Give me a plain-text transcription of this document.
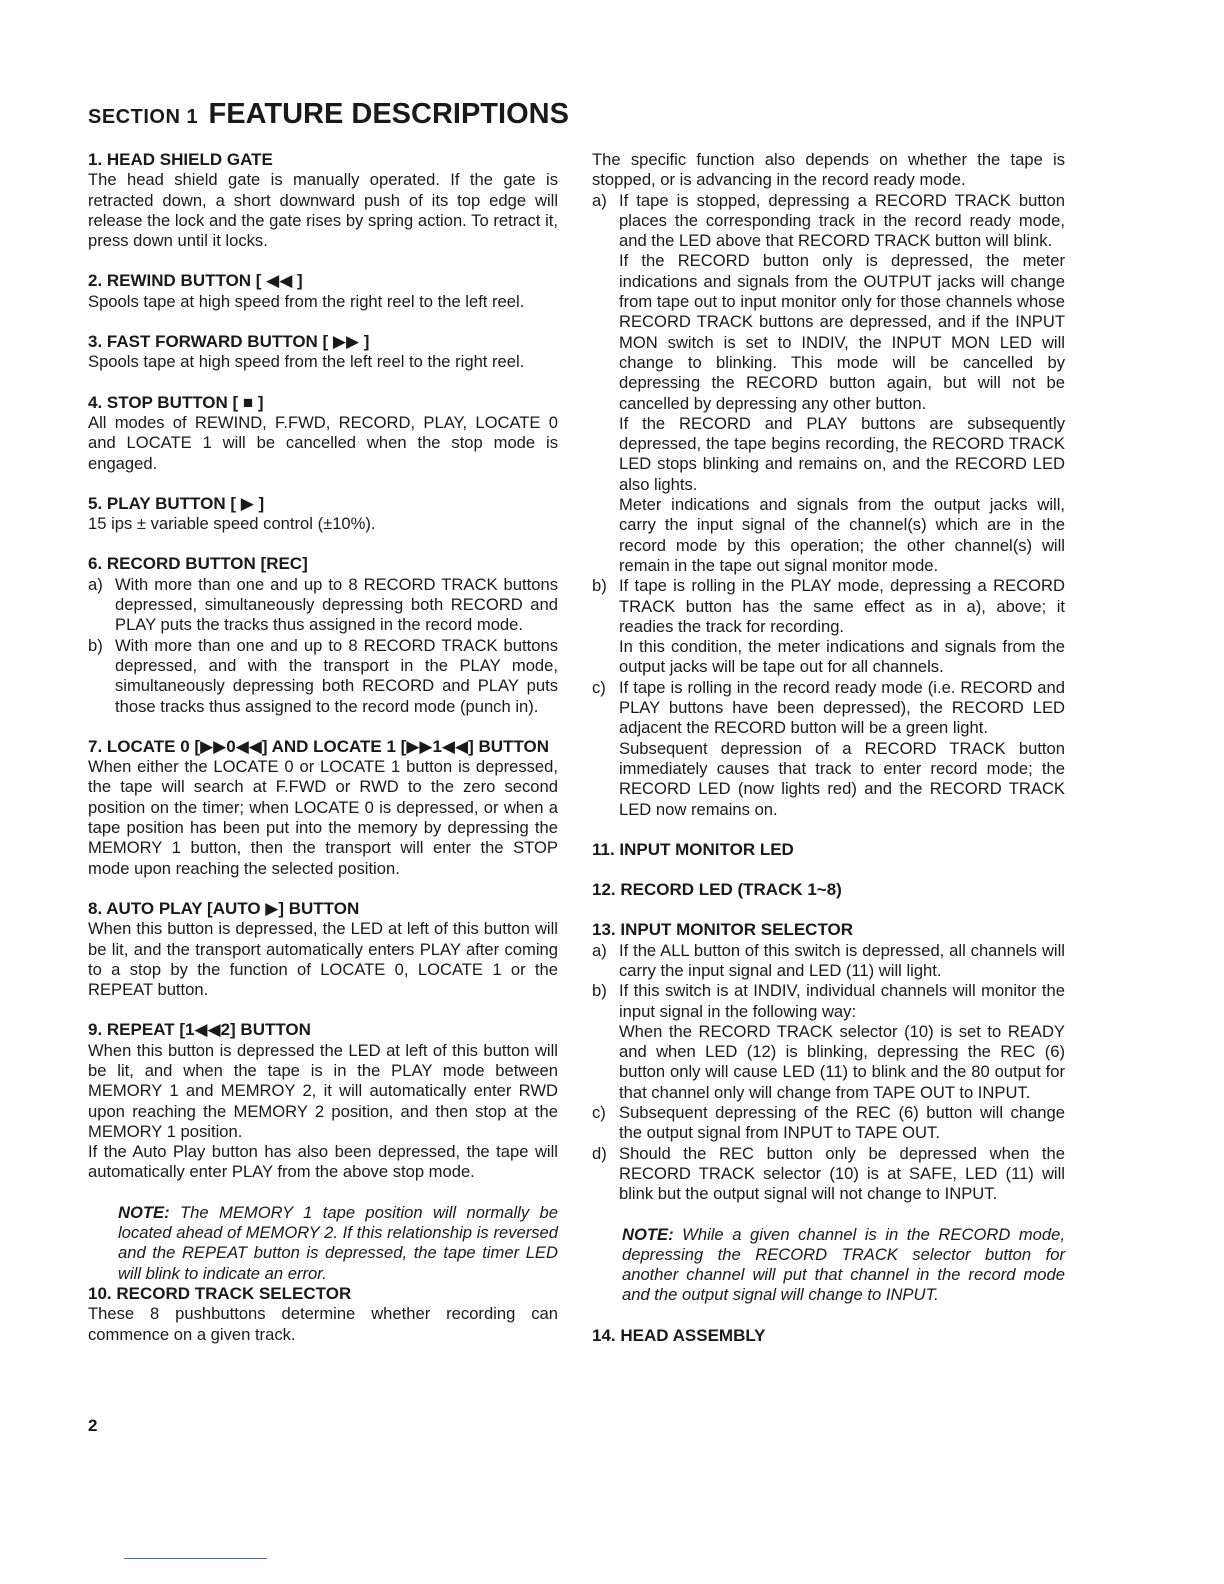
SECTION 1 FEATURE DESCRIPTIONS
1. HEAD SHIELD GATE

The head shield gate is manually operated. If the gate is retracted down, a short downward push of its top edge will release the lock and the gate rises by spring action. To retract it, press down until it locks.

2. REWIND BUTTON [ ◀◀ ]

Spools tape at high speed from the right reel to the left reel.

3. FAST FORWARD BUTTON [ ▶▶ ]

Spools tape at high speed from the left reel to the right reel.

4. STOP BUTTON [ ■ ]

All modes of REWIND, F.FWD, RECORD, PLAY, LOCATE 0 and LOCATE 1 will be cancelled when the stop mode is engaged.

5. PLAY BUTTON [ ▶ ]

15 ips ± variable speed control (±10%).

6. RECORD BUTTON [REC]
a) With more than one and up to 8 RECORD TRACK buttons depressed, simultaneously depressing both RECORD and PLAY puts the tracks thus assigned in the record mode.
b) With more than one and up to 8 RECORD TRACK buttons depressed, and with the transport in the PLAY mode, simultaneously depressing both RECORD and PLAY puts those tracks thus assigned to the record mode (punch in).
7. LOCATE 0 [▶▶0◀◀] AND LOCATE 1 [▶▶1◀◀] BUTTON

When either the LOCATE 0 or LOCATE 1 button is depressed, the tape will search at F.FWD or RWD to the zero second position on the timer; when LOCATE 0 is depressed, or when a tape position has been put into the memory by depressing the MEMORY 1 button, then the transport will enter the STOP mode upon reaching the selected position.

8. AUTO PLAY [AUTO ▶] BUTTON

When this button is depressed, the LED at left of this button will be lit, and the transport automatically enters PLAY after coming to a stop by the function of LOCATE 0, LOCATE 1 or the REPEAT button.

9. REPEAT [1◀◀2] BUTTON

When this button is depressed the LED at left of this button will be lit, and when the tape is in the PLAY mode between MEMORY 1 and MEMROY 2, it will automatically enter RWD upon reaching the MEMORY 2 position, and then stop at the MEMORY 1 position.

If the Auto Play button has also been depressed, the tape will automatically enter PLAY from the above stop mode.

NOTE: The MEMORY 1 tape position will normally be located ahead of MEMORY 2. If this relationship is reversed and the REPEAT button is depressed, the tape timer LED will blink to indicate an error.
10. RECORD TRACK SELECTOR

These 8 pushbuttons determine whether recording can commence on a given track.

The specific function also depends on whether the tape is stopped, or is advancing in the record ready mode.

a) If tape is stopped, depressing a RECORD TRACK button places the corresponding track in the record ready mode, and the LED above that RECORD TRACK button will blink.
If the RECORD button only is depressed, the meter indications and signals from the OUTPUT jacks will change from tape out to input monitor only for those channels whose RECORD TRACK buttons are depressed, and if the INPUT MON switch is set to INDIV, the INPUT MON LED will change to blinking. This mode will be cancelled by depressing the RECORD button again, but will not be cancelled by depressing any other button.
If the RECORD and PLAY buttons are subsequently depressed, the tape begins recording, the RECORD TRACK LED stops blinking and remains on, and the RECORD LED also lights.
Meter indications and signals from the output jacks will, carry the input signal of the channel(s) which are in the record mode by this operation; the other channel(s) will remain in the tape out signal monitor mode.
b) If tape is rolling in the PLAY mode, depressing a RECORD TRACK button has the same effect as in a), above; it readies the track for recording.
In this condition, the meter indications and signals from the output jacks will be tape out for all channels.
c) If tape is rolling in the record ready mode (i.e. RECORD and PLAY buttons have been depressed), the RECORD LED adjacent the RECORD button will be a green light.
Subsequent depression of a RECORD TRACK button immediately causes that track to enter record mode; the RECORD LED (now lights red) and the RECORD TRACK LED now remains on.
11. INPUT MONITOR LED
12. RECORD LED (TRACK 1~8)
13. INPUT MONITOR SELECTOR
a) If the ALL button of this switch is depressed, all channels will carry the input signal and LED (11) will light.
b) If this switch is at INDIV, individual channels will monitor the input signal in the following way:
When the RECORD TRACK selector (10) is set to READY and when LED (12) is blinking, depressing the REC (6) button only will cause LED (11) to blink and the 80 output for that channel only will change from TAPE OUT to INPUT.
c) Subsequent depressing of the REC (6) button will change the output signal from INPUT to TAPE OUT.
d) Should the REC button only be depressed when the RECORD TRACK selector (10) is at SAFE, LED (11) will blink but the output signal will not change to INPUT.
NOTE: While a given channel is in the RECORD mode, depressing the RECORD TRACK selector button for another channel will put that channel in the record mode and the output signal will change to INPUT.
14. HEAD ASSEMBLY
2
